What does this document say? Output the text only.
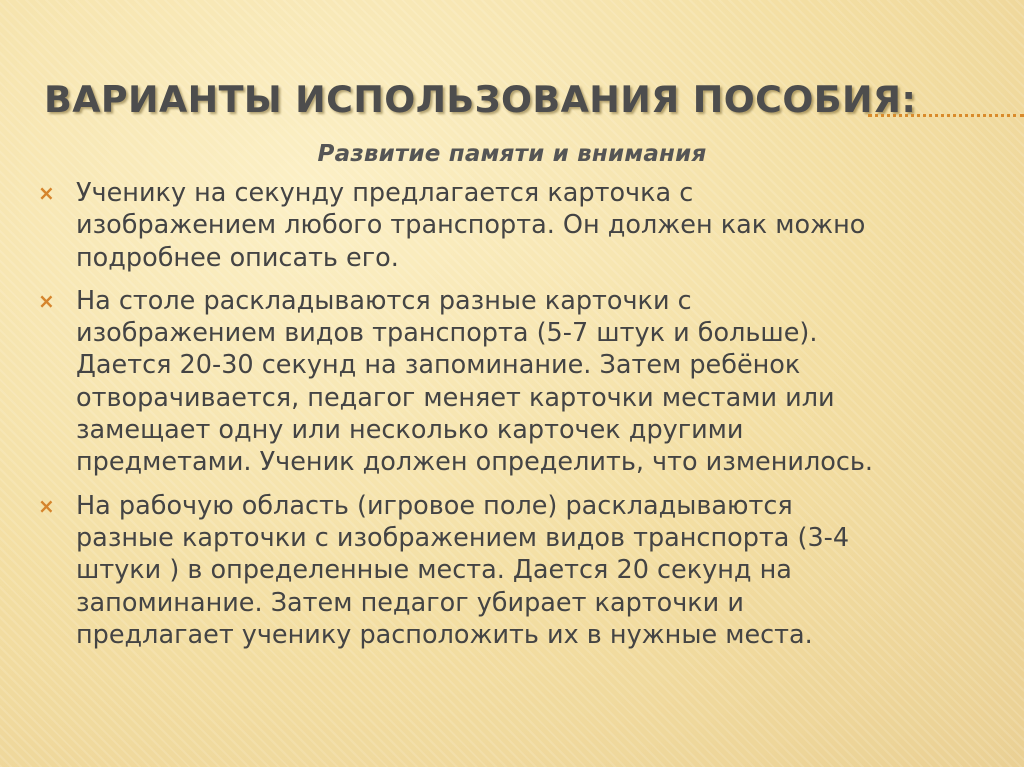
ВАРИАНТЫ ИСПОЛЬЗОВАНИЯ ПОСОБИЯ:
Развитие памяти и внимания
× Ученику на секунду предлагается карточка с
изображением любого транспорта. Он должен как можно
подробнее описать его.
× На столе раскладываются разные карточки с
изображением видов транспорта (5-7 штук и больше).
Дается 20-30 секунд на запоминание. Затем ребёнок
отворачивается, педагог меняет карточки местами или
замещает одну или несколько карточек другими
предметами. Ученик должен определить, что изменилось.
× На рабочую область (игровое поле) раскладываются
разные карточки с изображением видов транспорта (3-4
штуки ) в определенные места. Дается 20 секунд на
запоминание. Затем педагог убирает карточки и
предлагает ученику расположить их в нужные места.
